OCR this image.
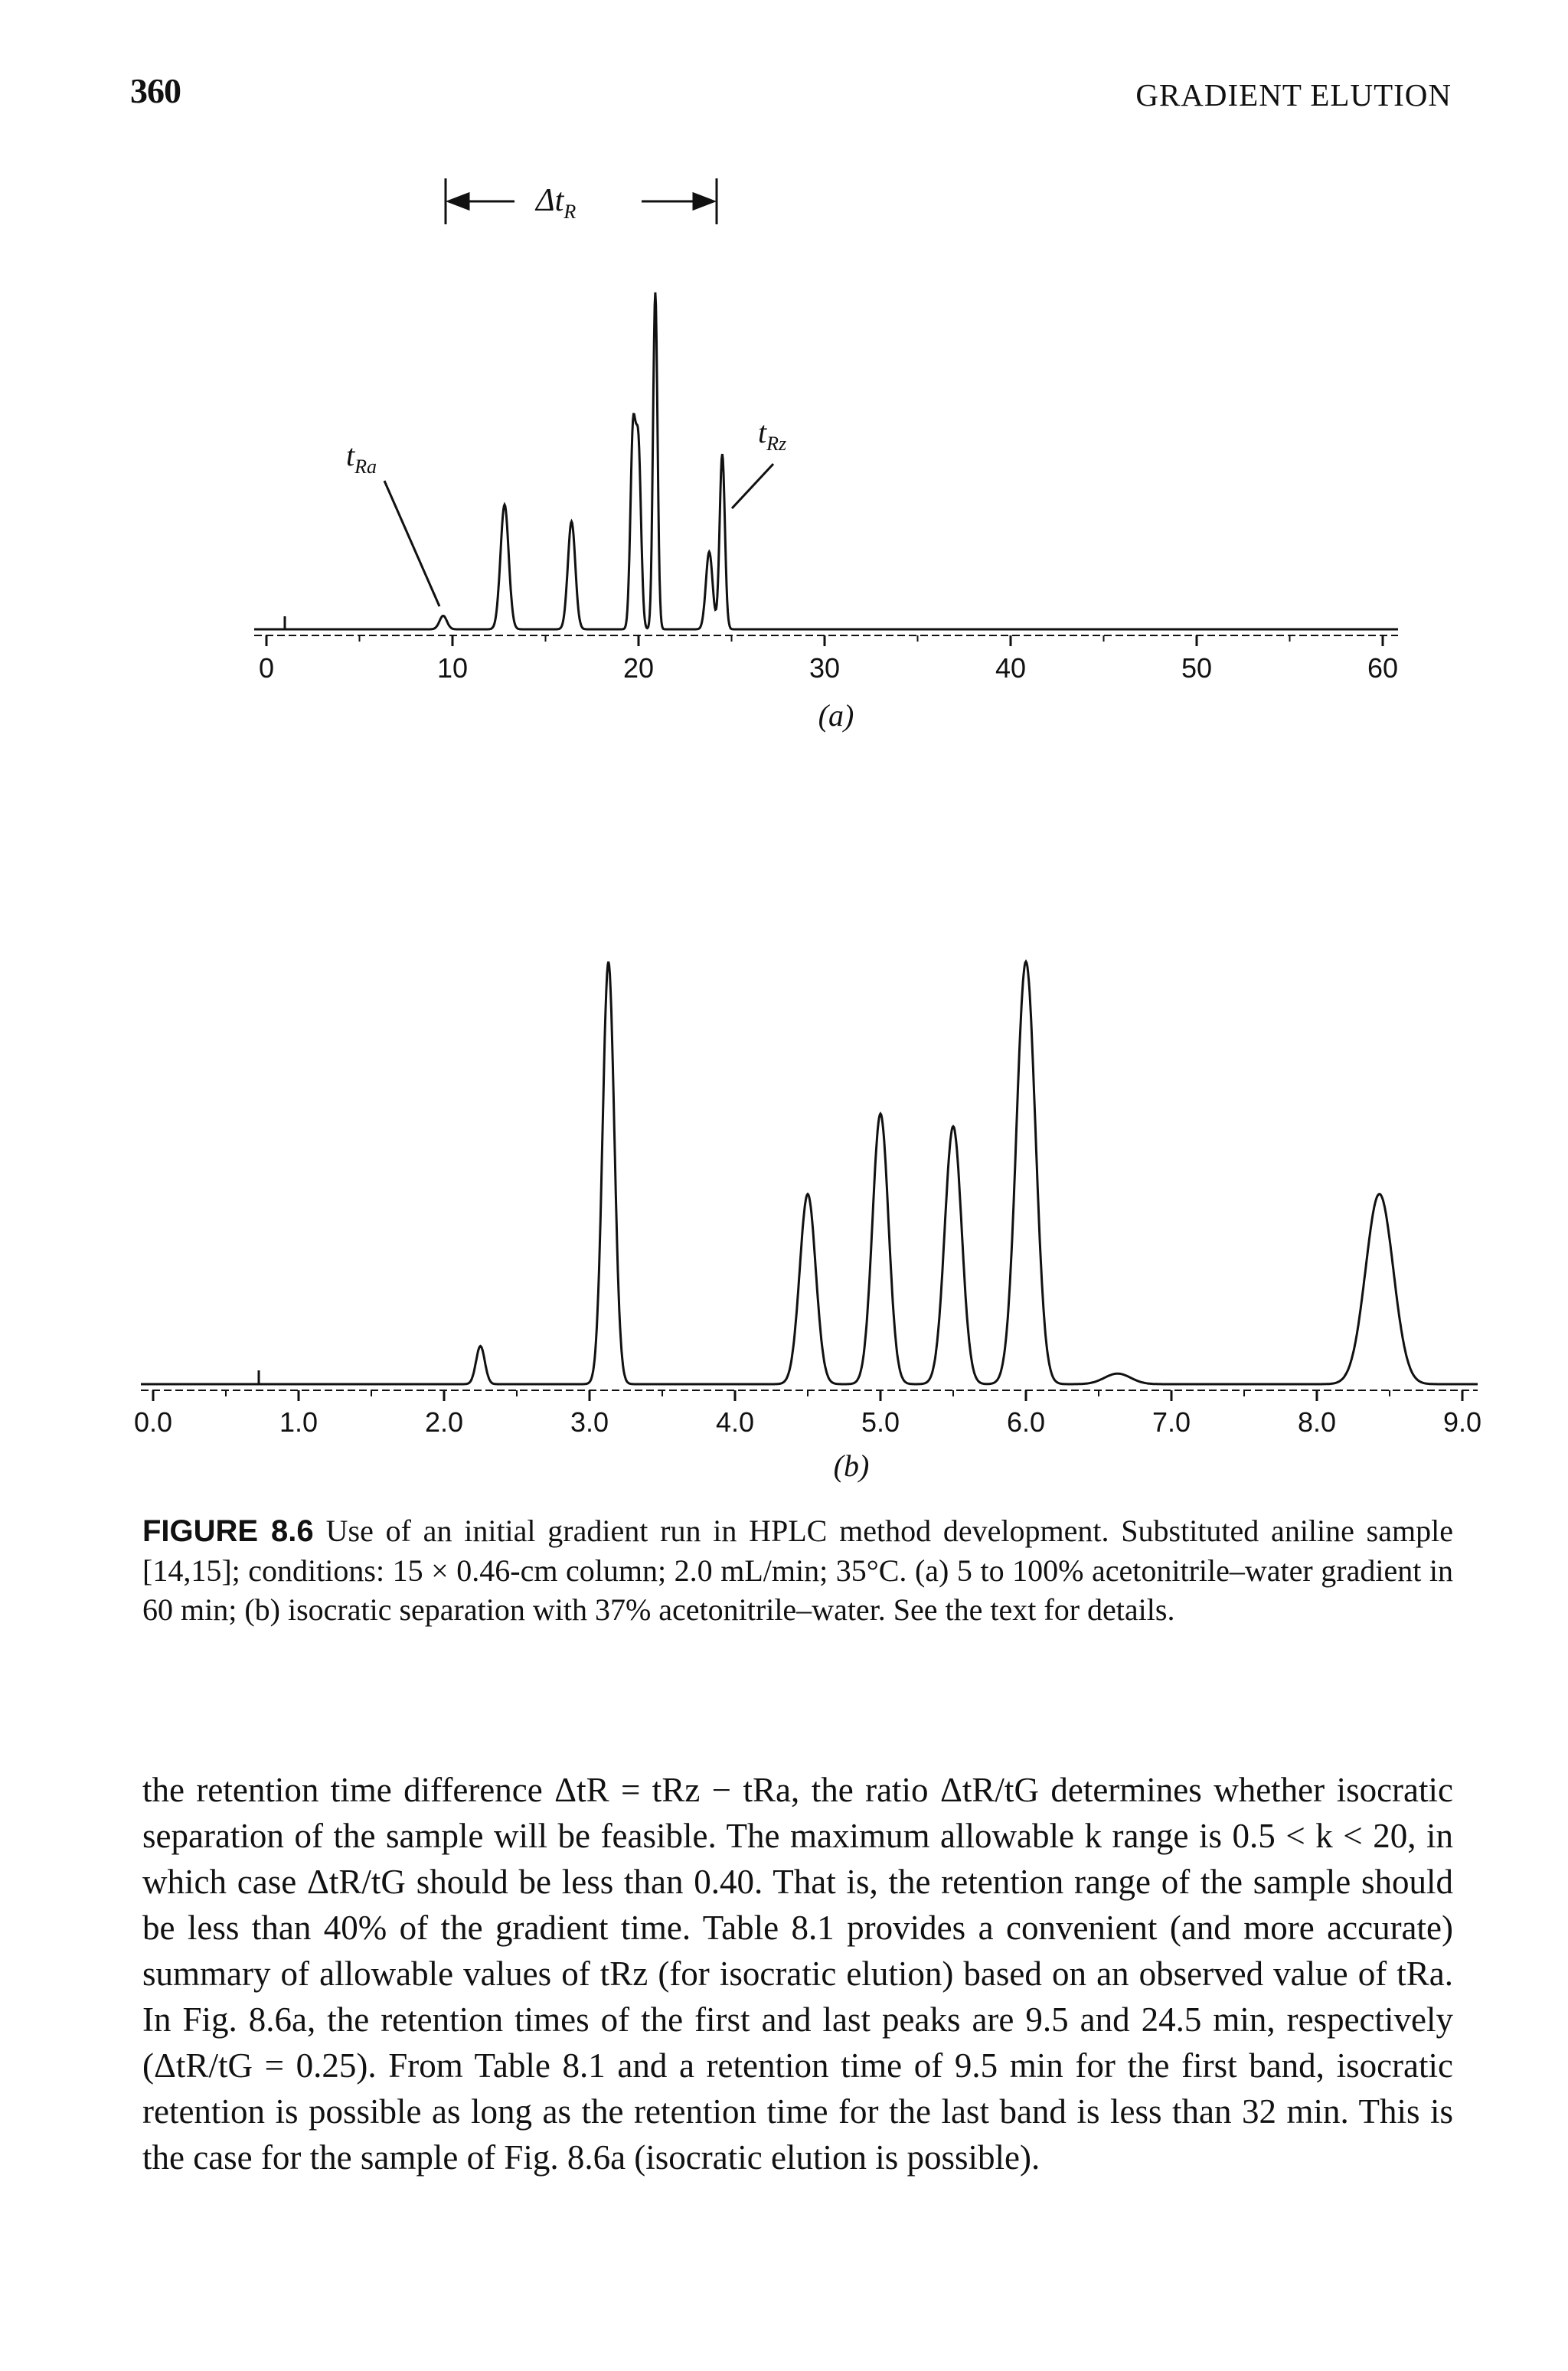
360	GRADIENT ELUTION
$\Delta t_R$
$t_{Ra}$
$t_{Rz}$
0	10	20	30	40	50	60
(a)
0.0	1.0	2.0	3.0	4.0	5.0	6.0	7.0	8.0	9.0
(b)
FIGURE 8.6 Use of an initial gradient run in HPLC method development. Substituted aniline sample [14,15]; conditions: 15 × 0.46-cm column; 2.0 mL/min; 35°C. (a) 5 to 100% acetonitrile–water gradient in 60 min; (b) isocratic separation with 37% acetonitrile–water. See the text for details.
the retention time difference ΔtR = tRz − tRa, the ratio ΔtR/tG determines whether isocratic separation of the sample will be feasible. The maximum allowable k range is 0.5 < k < 20, in which case ΔtR/tG should be less than 0.40. That is, the retention range of the sample should be less than 40% of the gradient time. Table 8.1 provides a convenient (and more accurate) summary of allowable values of tRz (for isocratic elution) based on an observed value of tRa. In Fig. 8.6a, the retention times of the first and last peaks are 9.5 and 24.5 min, respectively (ΔtR/tG = 0.25). From Table 8.1 and a retention time of 9.5 min for the first band, isocratic retention is possible as long as the retention time for the last band is less than 32 min. This is the case for the sample of Fig. 8.6a (isocratic elution is possible).
